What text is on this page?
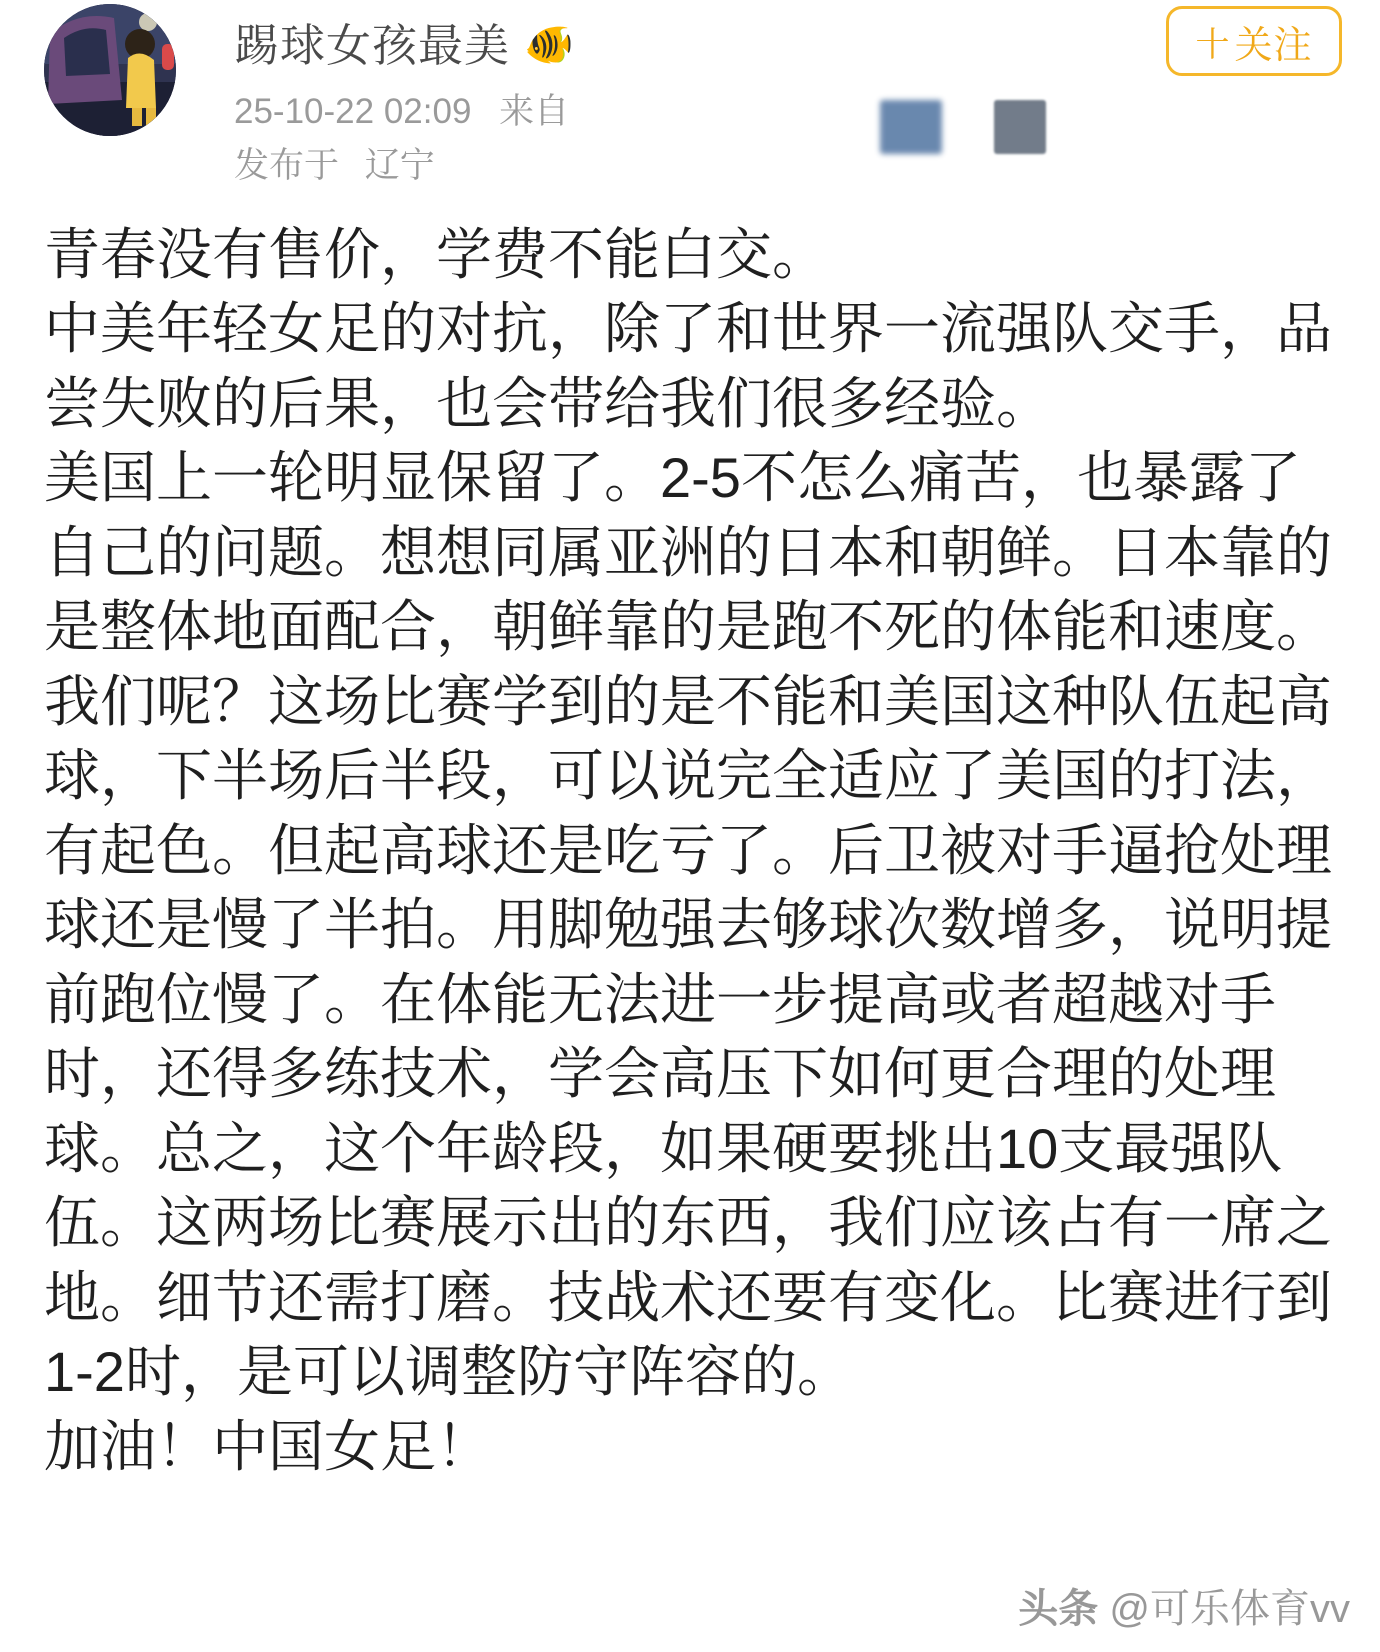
踢球女孩最美 🐠
25-10-22 02:09 来自
发布于 辽宁
十 关注

青春没有售价，学费不能白交。

中美年轻女足的对抗，除了和世界一流强队交手，品尝失败的后果，也会带给我们很多经验。

美国上一轮明显保留了。2-5不怎么痛苦，也暴露了自己的问题。想想同属亚洲的日本和朝鲜。日本靠的是整体地面配合，朝鲜靠的是跑不死的体能和速度。我们呢？这场比赛学到的是不能和美国这种队伍起高球，下半场后半段，可以说完全适应了美国的打法，有起色。但起高球还是吃亏了。后卫被对手逼抢处理球还是慢了半拍。用脚勉强去够球次数增多，说明提前跑位慢了。在体能无法进一步提高或者超越对手时，还得多练技术，学会高压下如何更合理的处理球。总之，这个年龄段，如果硬要挑出10支最强队伍。这两场比赛展示出的东西，我们应该占有一席之地。细节还需打磨。技战术还要有变化。比赛进行到1-2时，是可以调整防守阵容的。

加油！中国女足！

头条 @可乐体育vv
